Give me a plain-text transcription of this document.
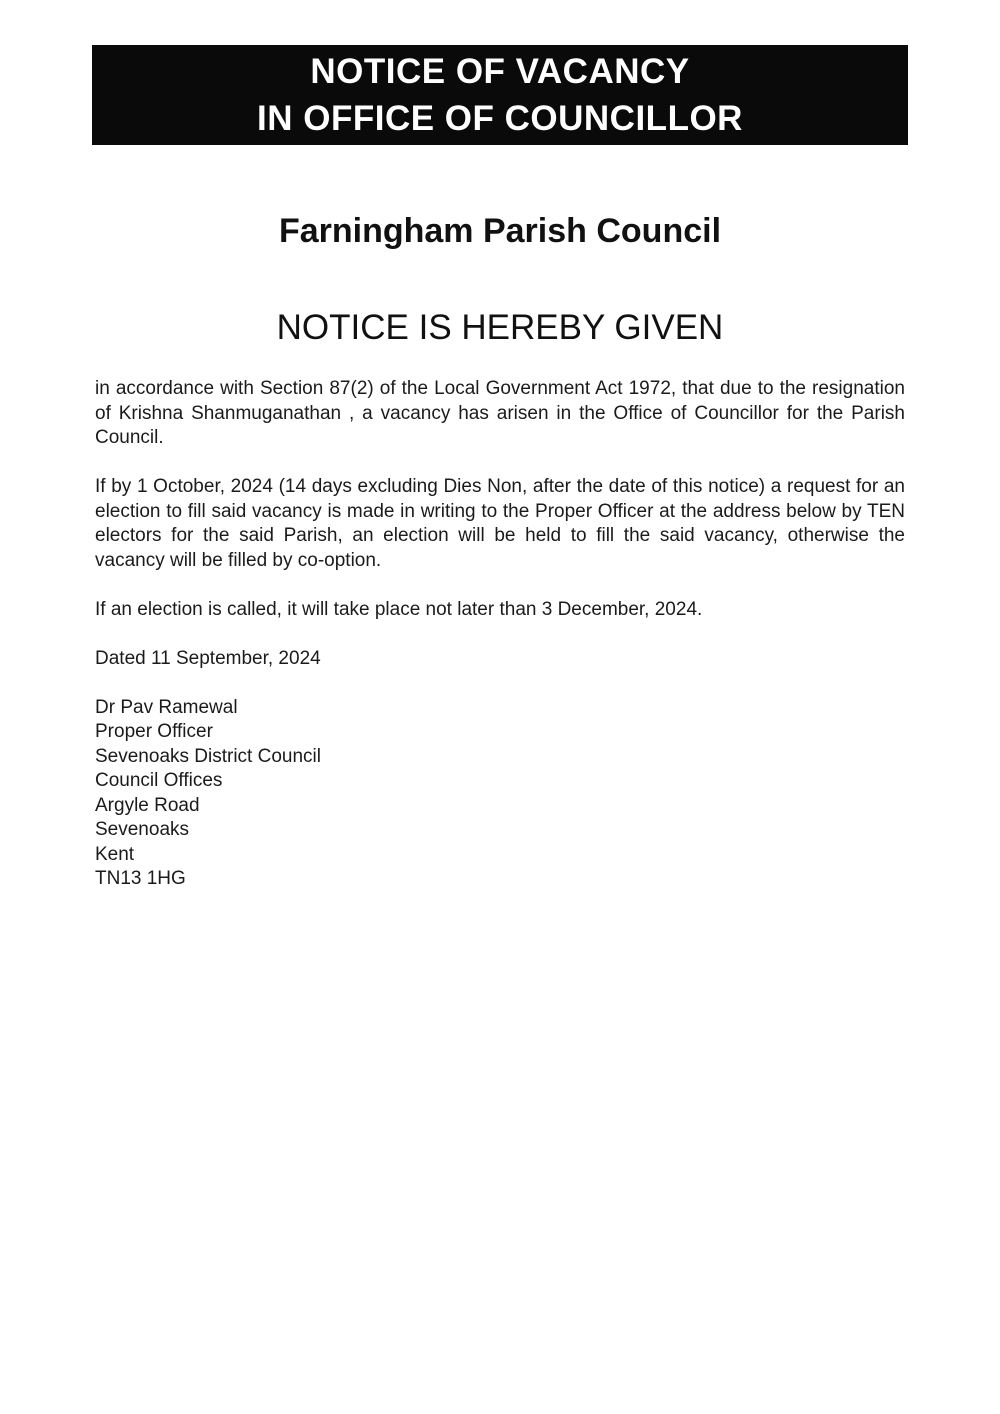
NOTICE OF VACANCY
IN OFFICE OF COUNCILLOR
Farningham Parish Council
NOTICE IS HEREBY GIVEN

in accordance with Section 87(2) of the Local Government Act 1972, that due to the resignation of Krishna Shanmuganathan , a vacancy has arisen in the Office of Councillor for the Parish Council.

If by 1 October, 2024 (14 days excluding Dies Non, after the date of this notice) a request for an election to fill said vacancy is made in writing to the Proper Officer at the address below by TEN electors for the said Parish, an election will be held to fill the said vacancy, otherwise the vacancy will be filled by co-option.

If an election is called, it will take place not later than 3 December, 2024.

Dated 11 September, 2024

Dr Pav Ramewal
Proper Officer
Sevenoaks District Council
Council Offices
Argyle Road
Sevenoaks
Kent
TN13 1HG
